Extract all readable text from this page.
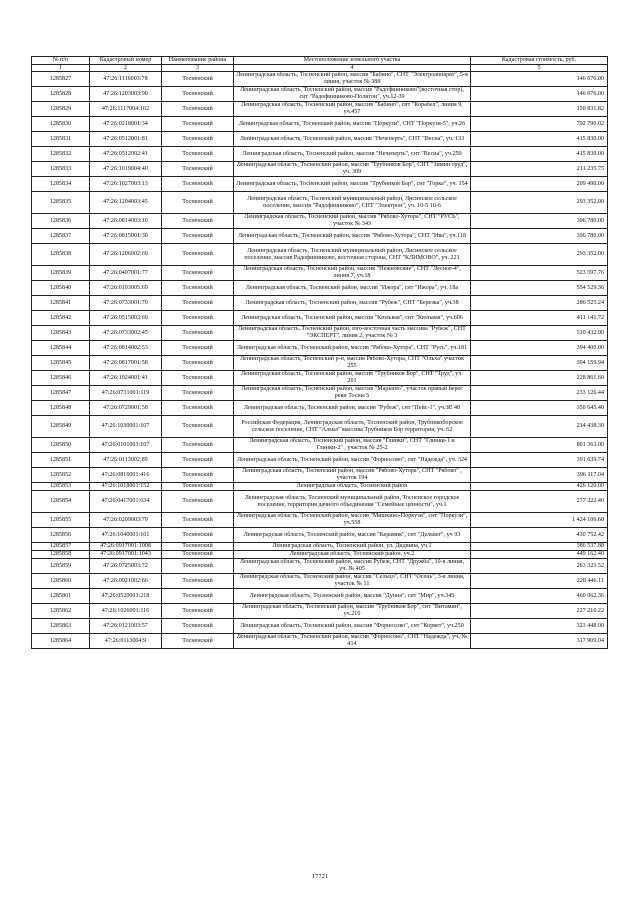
№ п/п	Кадастровый номер	Наименование района	Местоположение земельного участка	Кадастровая стоимость, руб.
1	2	3	4	5
1285827	47:26:1116003:78	Тосненский	Ленинградская область, Тосненский район, массив "Бабино", СНТ "Электроаппарат", 5-я линия, участок № 388	146 676.00
1285828	47:26:1203003:90	Тосненский	Ленинградская область, Тосненский район, массив "Радофинниково"(восточная стор), снт "Радофинниково-Полигон", уч.12-39	146 676.00
1285829	47:26:1117004:102	Тосненский	Ленинградская область, Тосненский район, массив "Бабино", снт "Корабел", линия 9, уч.457	150 831.82
1285830	47:26:0218001:34	Тосненский	Ленинградская область, Тосненский район, массив "Поркузи", СНТ "Поркузи-5", уч.26	792 790.02
1285831	47:26:0512001:81	Тосненский	Ленинградская область, Тосненский район, массив "Нечеперть", СНТ "Весна", уч. 133	415 830.00
1285832	47:26:0512002:41	Тосненский	Ленинградская область, Тосненский район, массив "Нечеперть", снт "Весна", уч.250	415 830.00
1285833	47:26:1019004:40	Тосненский	Ленинградская область, Тосненский район, массив "Трубников Бор", СНТ "Зимин труд", уч. 309	211 235.75
1285834	47:26:1027003:13	Тосненский	Ленинградская область, Тосненский район, массив "Трубников Бор", снт "Горка", уч. 154	209 490.00
1285835	47:26:1204003:45	Тосненский	Ленинградская область, Тосненский муниципальный район, Лисинское сельское поселение, массив "Радофинниково", СНТ "Электрон", уч. 10-5 10-6	293 352.00
1285836	47:26:0814003:10	Тосненский	Ленинградская область, Тосненский район, массив "Рябово-Хутора", СНТ "РУСЬ", участок № 343	396 780.00
1285837	47:26:0815001:30	Тосненский	Ленинградская область, Тосненский район, массив "Рябово-Хутора", СНТ "Ива", уч.118	396 780.00
1285838	47:26:1206002:69	Тосненский	Ленинградская область, Тосненский муниципальный район, Лисинское сельское поселение, массив Радофинниково, восточная сторона, СНТ "КЛИМОВО", уч. 221	293 352.00
1285839	47:26:0407001:77	Тосненский	Ленинградская область, Тосненский район, массив "Нежновские", СНТ "Лесное-4", линия 7, уч.18	523 597.76
1285840	47:26:0103005:69	Тосненский	Ленинградская область, Тосненский район, массив "Ижора", снт "Ижора", уч. 18а	554 529.36
1285841	47:26:0733001:70	Тосненский	Ленинградская область, Тосненский район, массив "Рубеж", СНТ "Березка", уч.38	286 525.24
1285842	47:26:0515003:69	Тосненский	Ленинградская область, Тосненский район, массив "Кюльвая", снт "Кюльвая", уч.606	411 141.72
1285843	47:26:0733002:45	Тосненский	Ленинградская область, Тосненский район, юго-восточная часть массива "Рубеж", СНТ "ЭКСПЕРТ", линия 2, участок № 3	510 432.00
1285844	47:26:0814002:53	Тосненский	Ленинградская область, Тосненский район, массив "Рябово-Хутора", СНТ "Русь", уч.181	394 400.00
1285845	47:26:0817001:58	Тосненский	Ленинградская область, Тосненский р-н, массив Рябово-Хутора, СНТ "Ольха" участок 255	394 159.94
1285846	47:26:1024001:41	Тосненский	Ленинградская область, Тосненский район, массив "Трубников Бор", СНТ "Труд", уч. 201	228 861.60
1285847	47:26:0731001:119	Тосненский	Ленинградская область, Тосненский район, массив "Марьино", участок правый берег реки Тосны 5	233 126.44
1285848	47:26:0729001:58	Тосненский	Ленинградская область, Тосненский район, массив "Рубеж", снт "Пейс-1", уч.ЗЕ 48	350 645.40
1285849	47:26:1030001:107	Тосненский	Российская Федерация, Ленинградская область, Тосненский район, Трубникоборское сельское поселение, СНТ "Алмаз" массива Трубников Бор территория, уч. 62	214 438.30
1285850	47:26:0101003:107	Тосненский	Ленинградская область, Тосненский район, массив "Глинки", СНТ "Глинки-1 и Глинки-2" , участок № 25-2	801 363.00
1285851	47:26:0113002:89	Тосненский	Ленинградская область, Тосненский район, массив "Форносово", снт "Надежда", уч. 324	391 639.74
1285852	47:26:0816001:416	Тосненский	Ленинградская область, Тосненский район, массив "Рябово-Хутора", СНТ "Рябово" , участок 194	396 117.04
1285853	47:26:1018001:152	Тосненский	Ленинградская область, Тосненский район	426 120.00
1285854	47:26:0417001:634	Тосненский	Ленинградская область, Тосненский муниципальный район, Тосненское городское поселение, территория дачного объединения "Семейные ценности", уч.1	277 222.40
1285855	47:26:0209003:79	Тосненский	Ленинградская область, Тосненский район, массив "Мишкино-Поркузи", снт "Поркузи", уч.558	1 424 106.60
1285856	47:26:1040001:101	Тосненский	Ленинградская область, Тосненский район, массив "Керамик", снт "Дельвег", уч 93	430 752.42
1285857	47:26:0917001:1008	Тосненский	Ленинградская область, Тосненский район, ул. Дидвина, уч.1	386 537.88
1285858	47:26:0917001:1043	Тосненский	Ленинградская область, Тосненский район, уч.2	449 162.40
1285859	47:26:0725003:72	Тосненский	Ленинградская область, Тосненский район, массив Рубеж, СНТ "Дружба", 10-я линия, уч. № 405	263 323.52
1285860	47:26:0921002:66	Тосненский	Ленинградская область, Тосненский район, массив "Сельцо", СНТ "Осень", 3-я линия, участок № 11	228 446.11
1285861	47:26:0520001:218	Тосненский	Ленинградская область, Тосненский район, массив "Дунна", снт "Мир", уч.345	460 062.36
1285862	47:26:1026001:116	Тосненский	Ленинградская область, Тосненский район, массив "Трубников Бор", снт "Витамин", уч.210	227 210.22
1285863	47:26:0121003:57	Тосненский	Ленинградская область, Тосненский район, массив "Форносово", снт "Корвет", уч.250	323 448.00
1285864	47:26:0113004:9	Тосненский	Ленинградская область, Тосненский район, массив "Форносово", СНТ "Надежда", уч. № 414	317 909.04
17721
